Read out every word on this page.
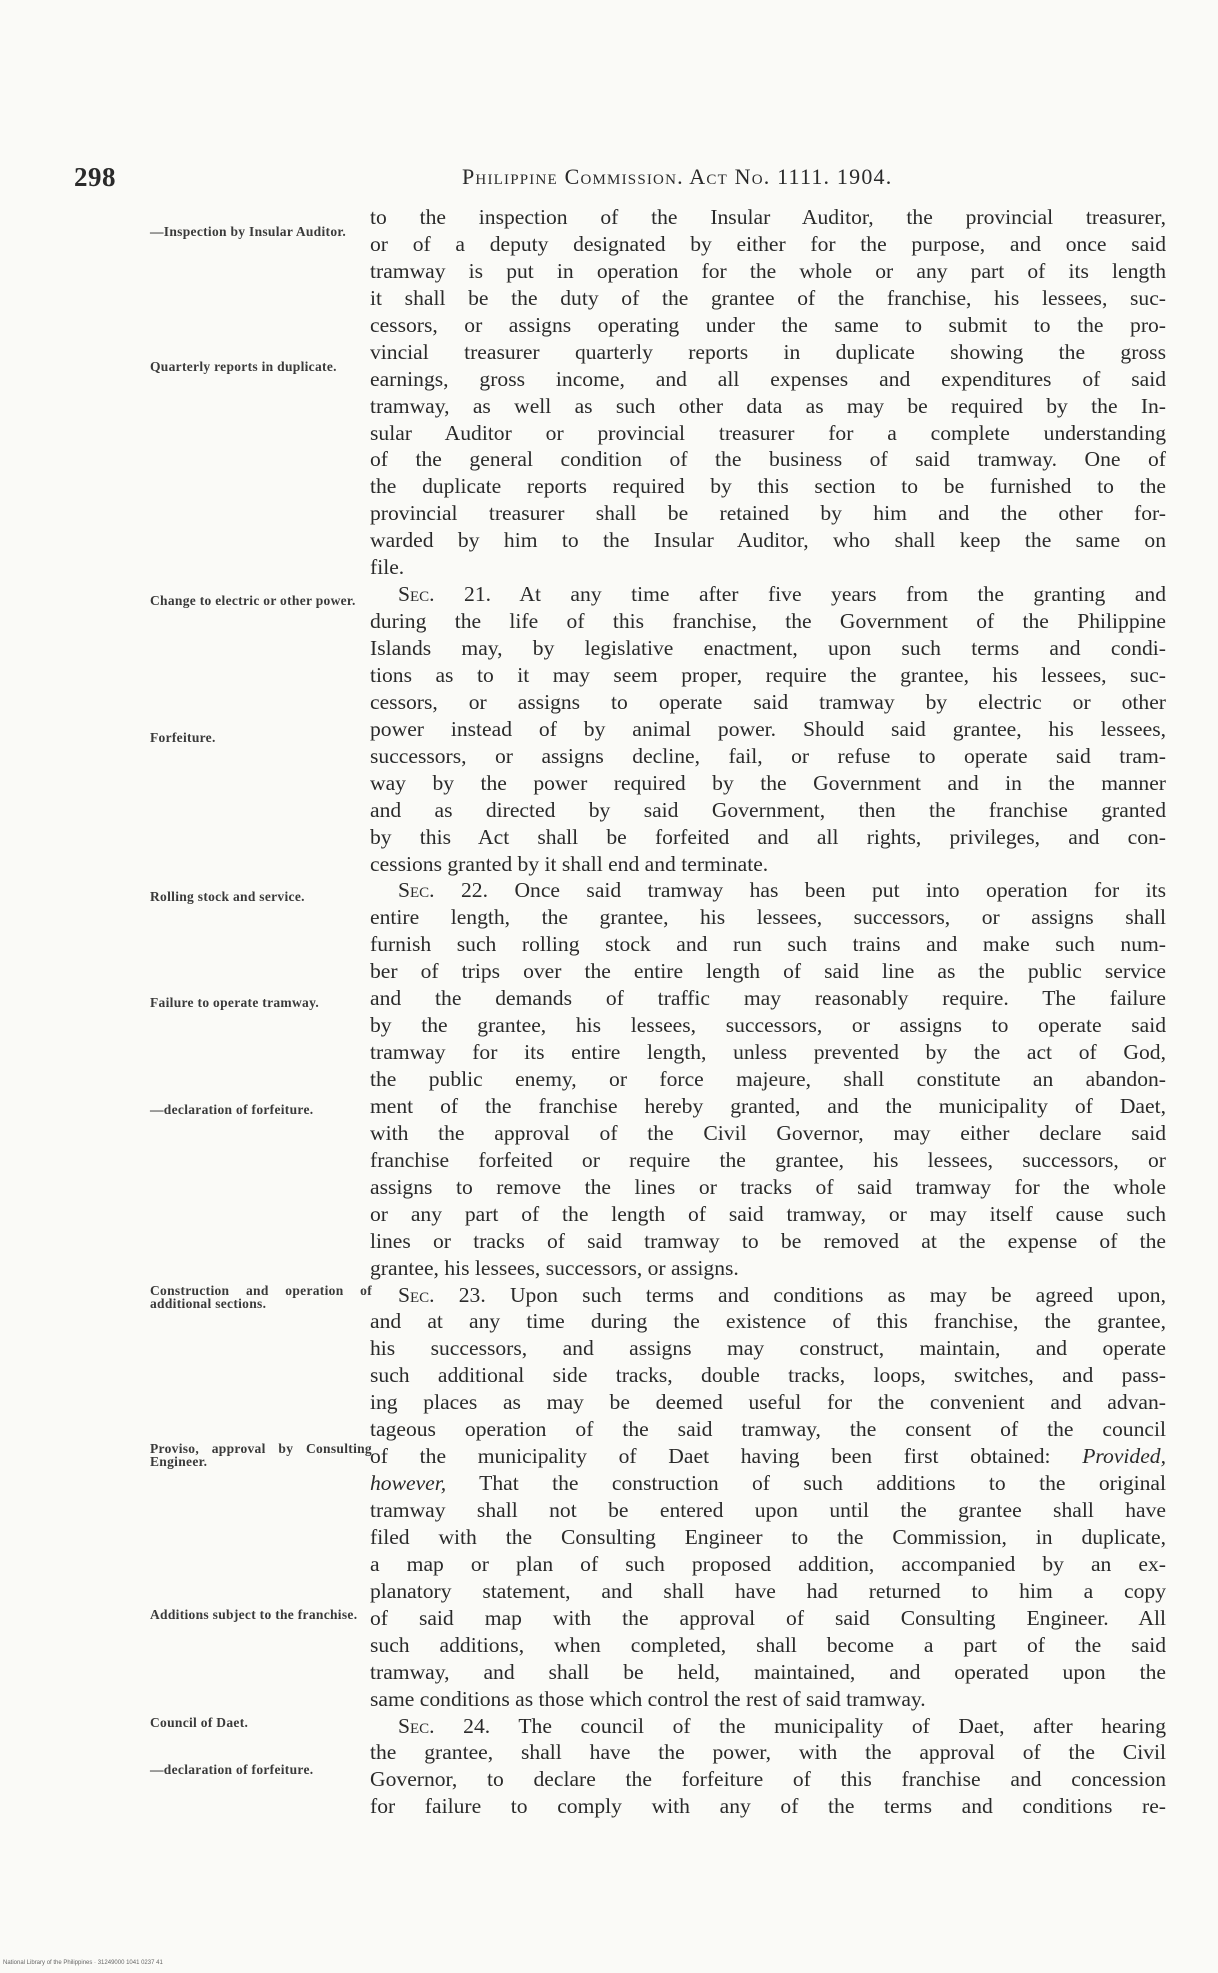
298	Philippine Commission. Act No. 1111. 1904.
—Inspection by Insular Auditor.
Quarterly reports in duplicate.
Change to electric or other power.
Forfeiture.
Rolling stock and service.
Failure to operate tramway.
—declaration of forfeiture.
Construction and operation of additional sections.
Proviso, approval by Consulting Engineer.
Additions subject to the franchise.
Council of Daet.
—declaration of forfeiture.
to the inspection of the Insular Auditor, the provincial treasurer,
or of a deputy designated by either for the purpose, and once said
tramway is put in operation for the whole or any part of its length
it shall be the duty of the grantee of the franchise, his lessees, suc-
cessors, or assigns operating under the same to submit to the pro-
vincial treasurer quarterly reports in duplicate showing the gross
earnings, gross income, and all expenses and expenditures of said
tramway, as well as such other data as may be required by the In-
sular Auditor or provincial treasurer for a complete understanding
of the general condition of the business of said tramway. One of
the duplicate reports required by this section to be furnished to the
provincial treasurer shall be retained by him and the other for-
warded by him to the Insular Auditor, who shall keep the same on
file.
Sec. 21. At any time after five years from the granting and
during the life of this franchise, the Government of the Philippine
Islands may, by legislative enactment, upon such terms and condi-
tions as to it may seem proper, require the grantee, his lessees, suc-
cessors, or assigns to operate said tramway by electric or other
power instead of by animal power. Should said grantee, his lessees,
successors, or assigns decline, fail, or refuse to operate said tram-
way by the power required by the Government and in the manner
and as directed by said Government, then the franchise granted
by this Act shall be forfeited and all rights, privileges, and con-
cessions granted by it shall end and terminate.
Sec. 22. Once said tramway has been put into operation for its
entire length, the grantee, his lessees, successors, or assigns shall
furnish such rolling stock and run such trains and make such num-
ber of trips over the entire length of said line as the public service
and the demands of traffic may reasonably require. The failure
by the grantee, his lessees, successors, or assigns to operate said
tramway for its entire length, unless prevented by the act of God,
the public enemy, or force majeure, shall constitute an abandon-
ment of the franchise hereby granted, and the municipality of Daet,
with the approval of the Civil Governor, may either declare said
franchise forfeited or require the grantee, his lessees, successors, or
assigns to remove the lines or tracks of said tramway for the whole
or any part of the length of said tramway, or may itself cause such
lines or tracks of said tramway to be removed at the expense of the
grantee, his lessees, successors, or assigns.
Sec. 23. Upon such terms and conditions as may be agreed upon,
and at any time during the existence of this franchise, the grantee,
his successors, and assigns may construct, maintain, and operate
such additional side tracks, double tracks, loops, switches, and pass-
ing places as may be deemed useful for the convenient and advan-
tageous operation of the said tramway, the consent of the council
of the municipality of Daet having been first obtained: Provided,
however, That the construction of such additions to the original
tramway shall not be entered upon until the grantee shall have
filed with the Consulting Engineer to the Commission, in duplicate,
a map or plan of such proposed addition, accompanied by an ex-
planatory statement, and shall have had returned to him a copy
of said map with the approval of said Consulting Engineer. All
such additions, when completed, shall become a part of the said
tramway, and shall be held, maintained, and operated upon the
same conditions as those which control the rest of said tramway.
Sec. 24. The council of the municipality of Daet, after hearing
the grantee, shall have the power, with the approval of the Civil
Governor, to declare the forfeiture of this franchise and concession
for failure to comply with any of the terms and conditions re-
National Library of the Philippines · 31249000 1041 0237 41
